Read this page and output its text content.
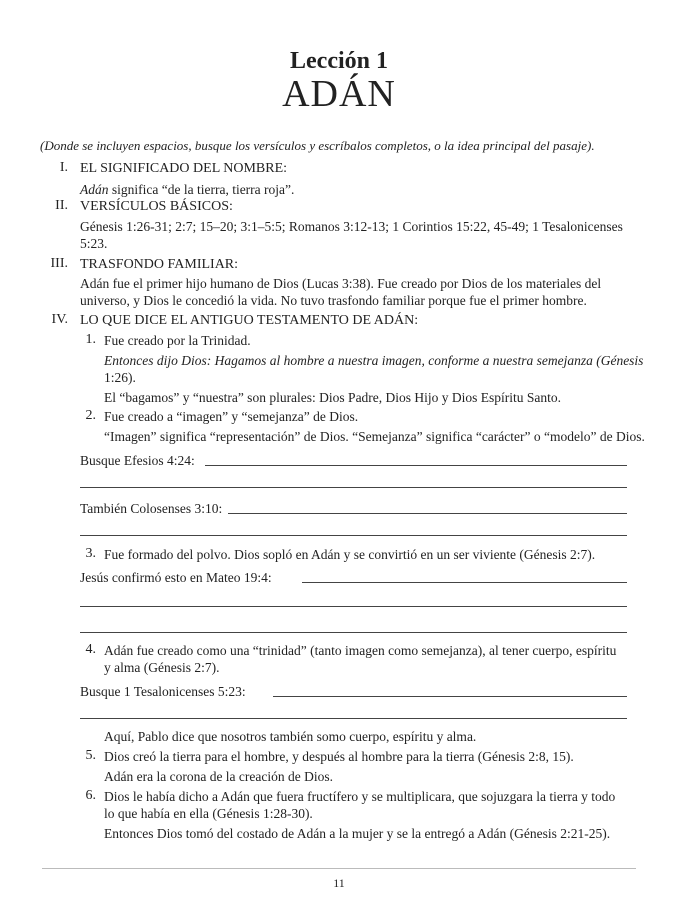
Lección 1
ADÁN
(Donde se incluyen espacios, busque los versículos y escríbalos completos, o la idea principal del pasaje).
I. EL SIGNIFICADO DEL NOMBRE:
Adán significa “de la tierra, tierra roja”.
II. VERSÍCULOS BÁSICOS:
Génesis 1:26-31; 2:7; 15–20; 3:1–5:5; Romanos 3:12-13; 1 Corintios 15:22, 45-49; 1 Tesalonicenses
5:23.
III. TRASFONDO FAMILIAR:
Adán fue el primer hijo humano de Dios (Lucas 3:38). Fue creado por Dios de los materiales del
universo, y Dios le concedió la vida. No tuvo trasfondo familiar porque fue el primer hombre.
IV. LO QUE DICE EL ANTIGUO TESTAMENTO DE ADÁN:
1. Fue creado por la Trinidad.
Entonces dijo Dios: Hagamos al hombre a nuestra imagen, conforme a nuestra semejanza (Génesis
1:26).
El “bagamos” y “nuestra” son plurales: Dios Padre, Dios Hijo y Dios Espíritu Santo.
2. Fue creado a “imagen” y “semejanza” de Dios.
“Imagen” significa “representación” de Dios. “Semejanza” significa “carácter” o “modelo” de Dios.
Busque Efesios 4:24:
También Colosenses 3:10:
3. Fue formado del polvo. Dios sopló en Adán y se convirtió en un ser viviente (Génesis 2:7).
Jesús confirmó esto en Mateo 19:4:
4. Adán fue creado como una “trinidad” (tanto imagen como semejanza), al tener cuerpo, espíritu
y alma (Génesis 2:7).
Busque 1 Tesalonicenses 5:23:
Aquí, Pablo dice que nosotros también somo cuerpo, espíritu y alma.
5. Dios creó la tierra para el hombre, y después al hombre para la tierra (Génesis 2:8, 15).
Adán era la corona de la creación de Dios.
6. Dios le había dicho a Adán que fuera fructífero y se multiplicara, que sojuzgara la tierra y todo
lo que había en ella (Génesis 1:28-30).
Entonces Dios tomó del costado de Adán a la mujer y se la entregó a Adán (Génesis 2:21-25).
11
